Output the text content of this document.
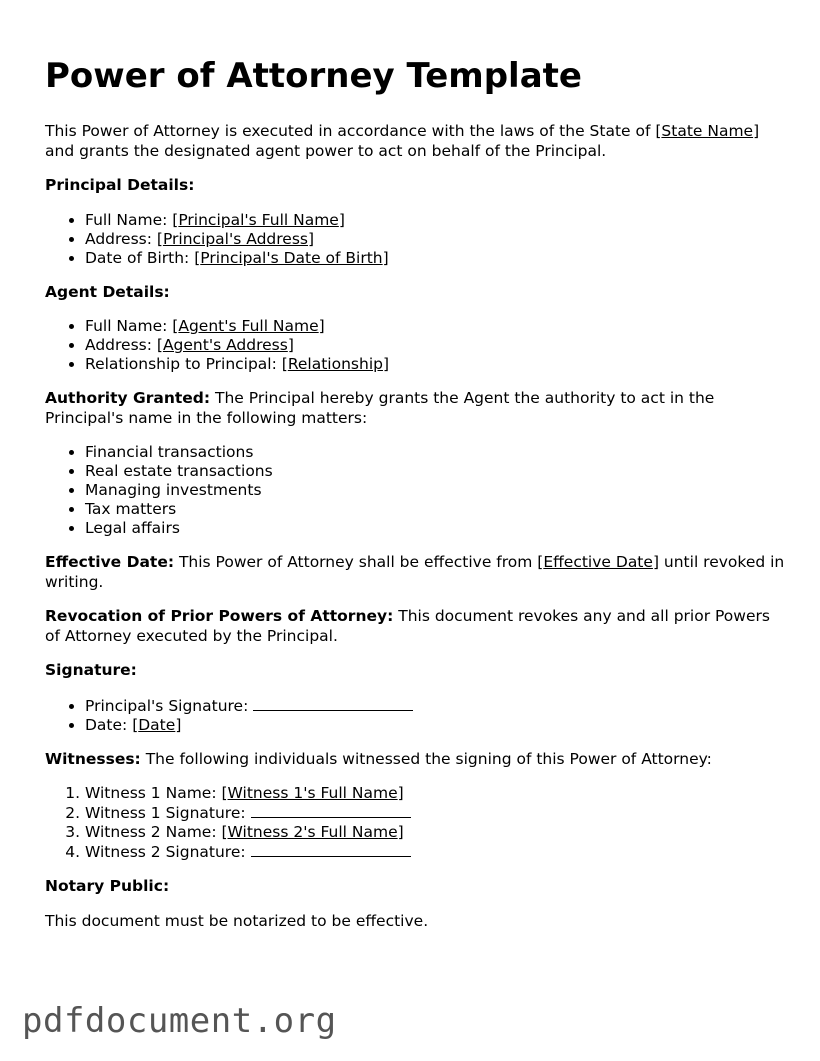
Power of Attorney Template

This Power of Attorney is executed in accordance with the laws of the State of [State Name] and grants the designated agent power to act on behalf of the Principal.

Principal Details:

• Full Name: [Principal's Full Name]
• Address: [Principal's Address]
• Date of Birth: [Principal's Date of Birth]

Agent Details:

• Full Name: [Agent's Full Name]
• Address: [Agent's Address]
• Relationship to Principal: [Relationship]

Authority Granted: The Principal hereby grants the Agent the authority to act in the Principal's name in the following matters:

• Financial transactions
• Real estate transactions
• Managing investments
• Tax matters
• Legal affairs

Effective Date: This Power of Attorney shall be effective from [Effective Date] until revoked in writing.

Revocation of Prior Powers of Attorney: This document revokes any and all prior Powers of Attorney executed by the Principal.

Signature:

• Principal's Signature:
• Date: [Date]

Witnesses: The following individuals witnessed the signing of this Power of Attorney:

1. Witness 1 Name: [Witness 1's Full Name]
2. Witness 1 Signature:
3. Witness 2 Name: [Witness 2's Full Name]
4. Witness 2 Signature:

Notary Public:

This document must be notarized to be effective.

pdfdocument.org
